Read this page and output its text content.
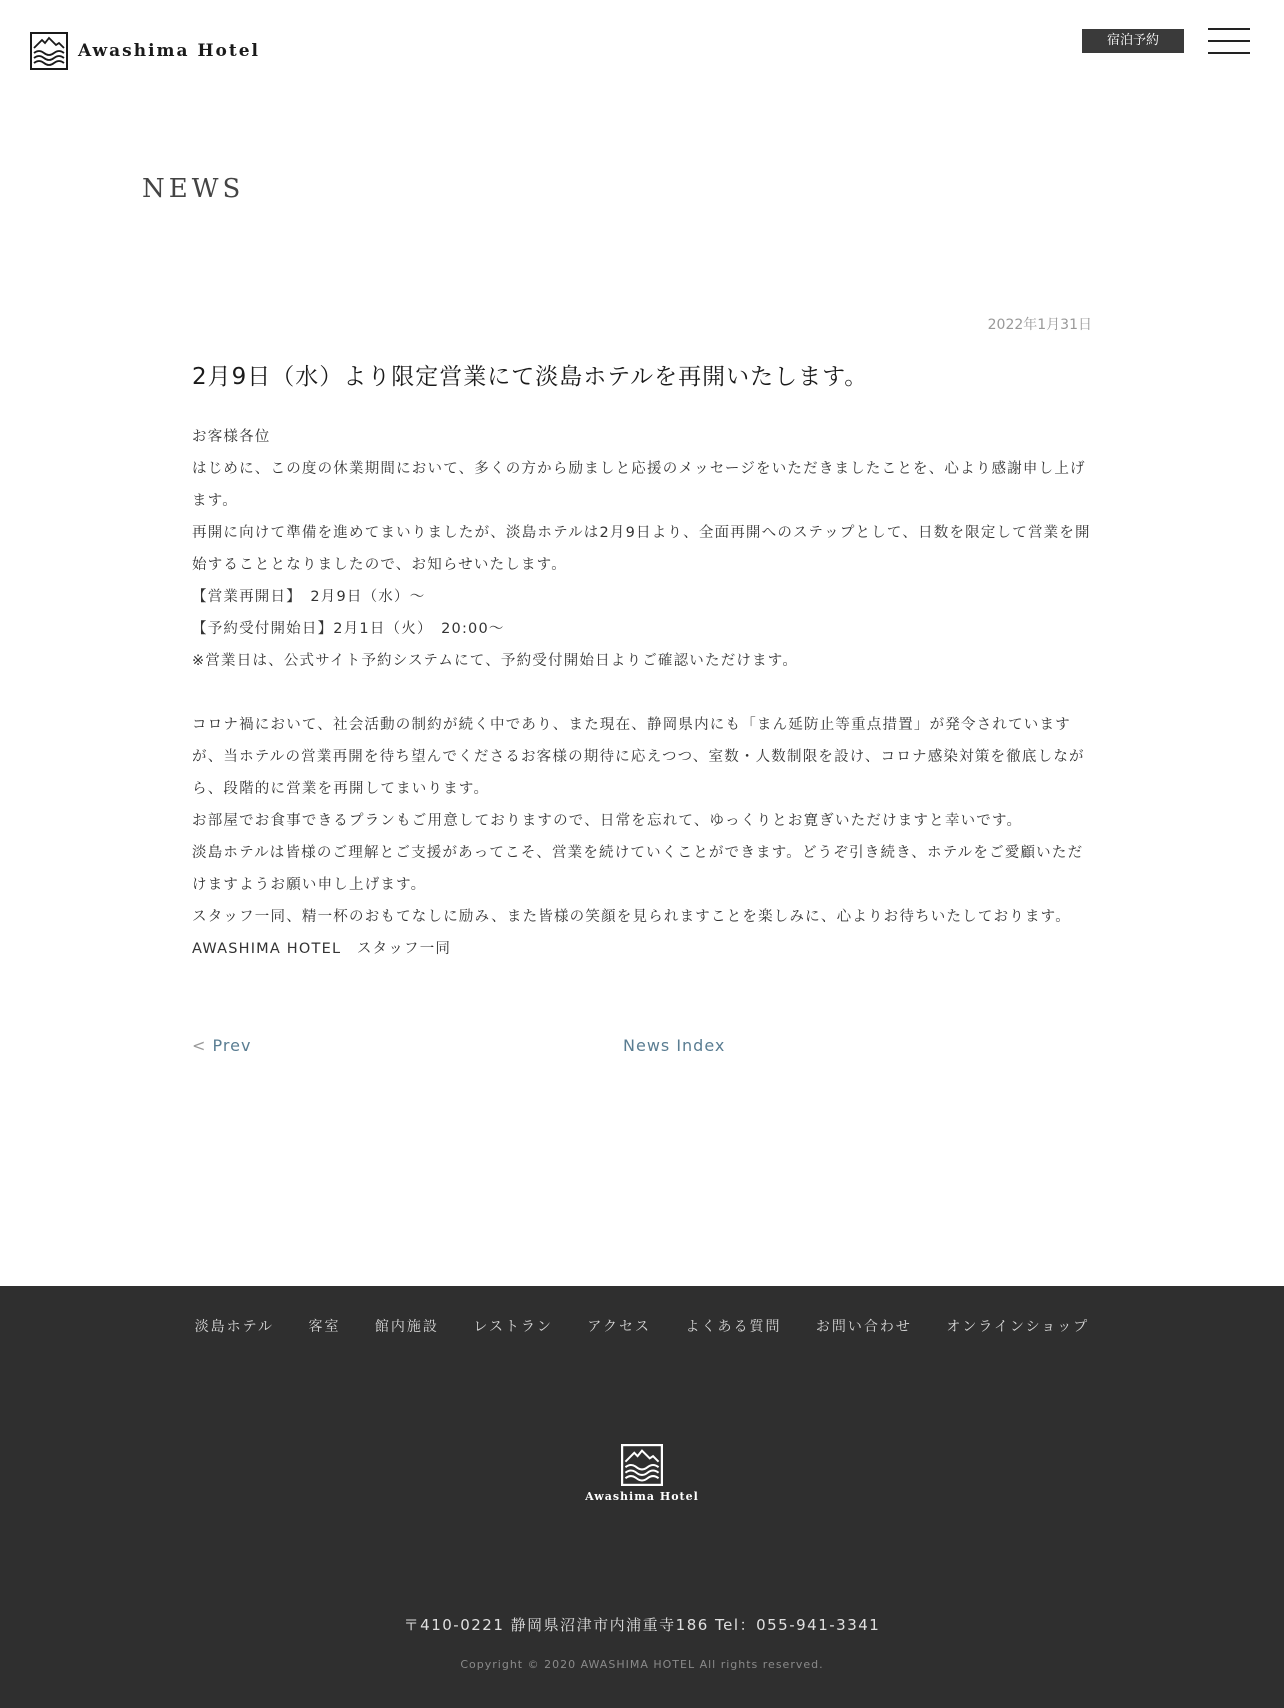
Awashima Hotel
宿泊予約
NEWS

2022年1月31日

2月9日（水）より限定営業にて淡島ホテルを再開いたします。

お客様各位

はじめに、この度の休業期間において、多くの方から励ましと応援のメッセージをいただきましたことを、心より感謝申し上げます。

再開に向けて準備を進めてまいりましたが、淡島ホテルは2月9日より、全面再開へのステップとして、日数を限定して営業を開始することとなりましたので、お知らせいたします。

【営業再開日】　2月9日（水）～

【予約受付開始日】2月1日（火）　20:00～

※営業日は、公式サイト予約システムにて、予約受付開始日よりご確認いただけます。

コロナ禍において、社会活動の制約が続く中であり、また現在、静岡県内にも「まん延防止等重点措置」が発令されていますが、当ホテルの営業再開を待ち望んでくださるお客様の期待に応えつつ、室数・人数制限を設け、コロナ感染対策を徹底しながら、段階的に営業を再開してまいります。

お部屋でお食事できるプランもご用意しておりますので、日常を忘れて、ゆっくりとお寛ぎいただけますと幸いです。

淡島ホテルは皆様のご理解とご支援があってこそ、営業を続けていくことができます。どうぞ引き続き、ホテルをご愛顧いただけますようお願い申し上げます。

スタッフ一同、精一杯のおもてなしに励み、また皆様の笑顔を見られますことを楽しみに、心よりお待ちいたしております。

AWASHIMA HOTEL　スタッフ一同

< Prev	News Index
淡島ホテル 客室 館内施設 レストラン アクセス よくある質問 お問い合わせ オンラインショップ
Awashima Hotel
〒410-0221 静岡県沼津市内浦重寺186 Tel：055-941-3341
Copyright © 2020 AWASHIMA HOTEL All rights reserved.
